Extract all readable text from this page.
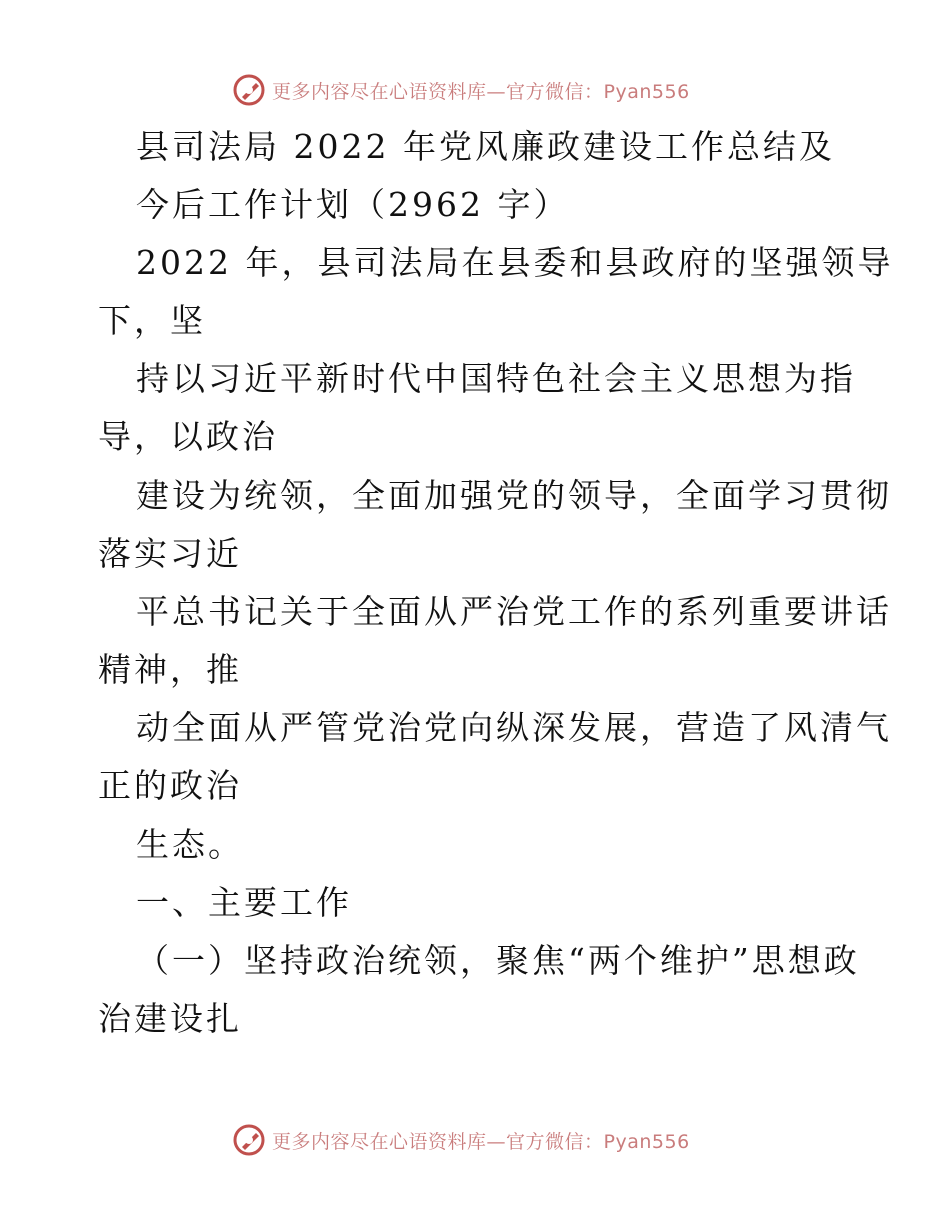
更多内容尽在心语资料库—官方微信：Pyan556
县司法局 2022 年党风廉政建设工作总结及
今后工作计划（2962 字）
2022 年，县司法局在县委和县政府的坚强领导
下，坚
持以习近平新时代中国特色社会主义思想为指
导，以政治
建设为统领，全面加强党的领导，全面学习贯彻
落实习近
平总书记关于全面从严治党工作的系列重要讲话
精神，推
动全面从严管党治党向纵深发展，营造了风清气
正的政治
生态。
一、主要工作
（一）坚持政治统领，聚焦“两个维护”思想政
治建设扎
更多内容尽在心语资料库—官方微信：Pyan556
